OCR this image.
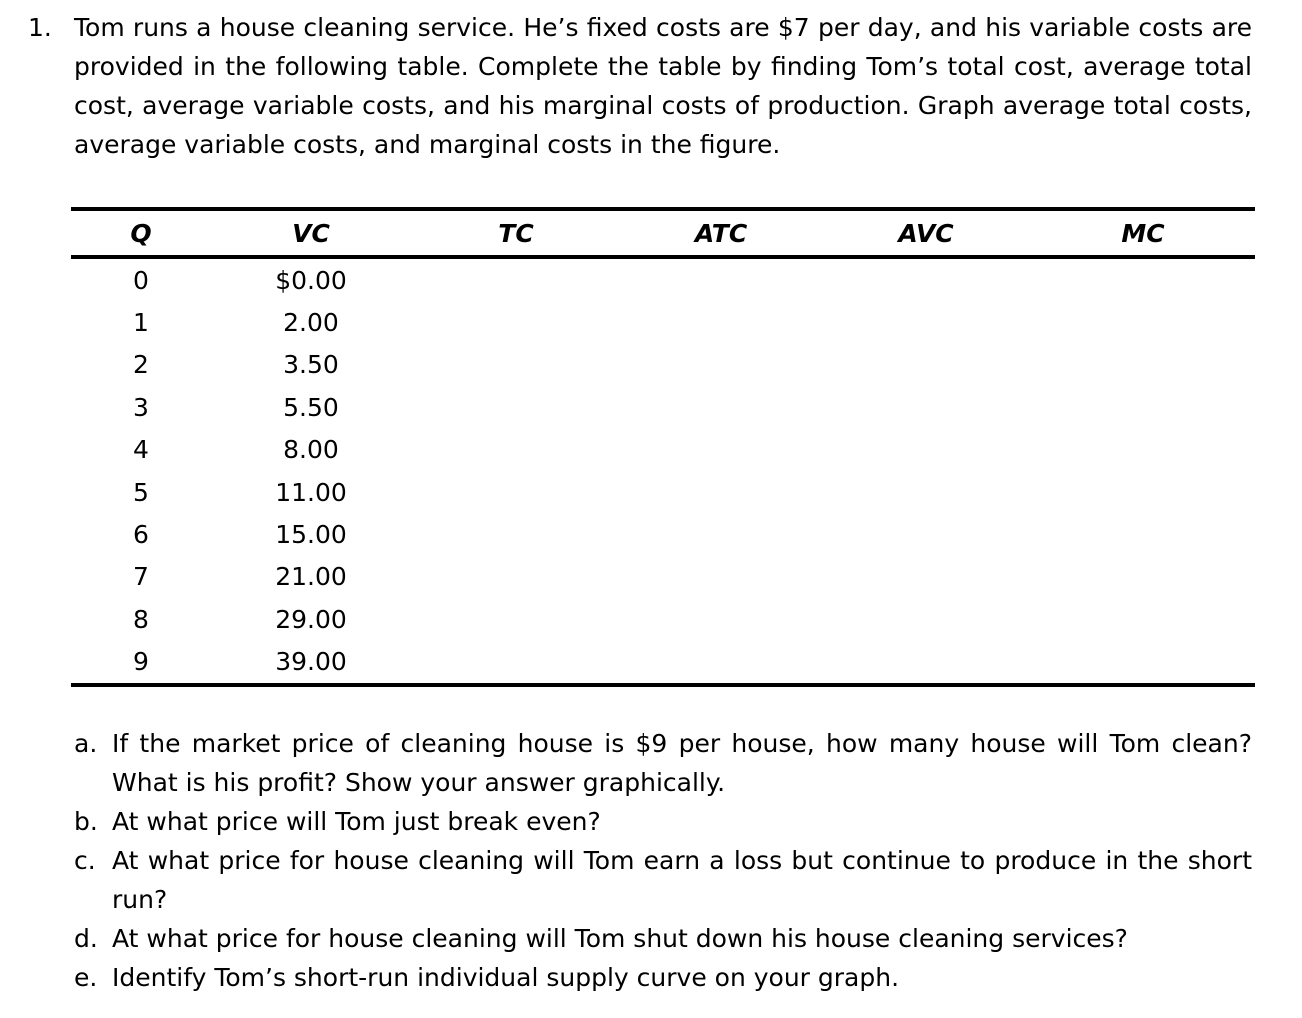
1. Tom runs a house cleaning service. He’s fixed costs are $7 per day, and his variable costs are provided in the following table. Complete the table by finding Tom’s total cost, average total cost, average variable costs, and his marginal costs of production. Graph average total costs, average variable costs, and marginal costs in the figure.
Q	VC	TC	ATC	AVC	MC
0	$0.00				
1	2.00				
2	3.50				
3	5.50				
4	8.00				
5	11.00				
6	15.00				
7	21.00				
8	29.00				
9	39.00				
a. If the market price of cleaning house is $9 per house, how many house will Tom clean? What is his profit? Show your answer graphically.
b. At what price will Tom just break even?
c. At what price for house cleaning will Tom earn a loss but continue to produce in the short run?
d. At what price for house cleaning will Tom shut down his house cleaning services?
e. Identify Tom’s short-run individual supply curve on your graph.
